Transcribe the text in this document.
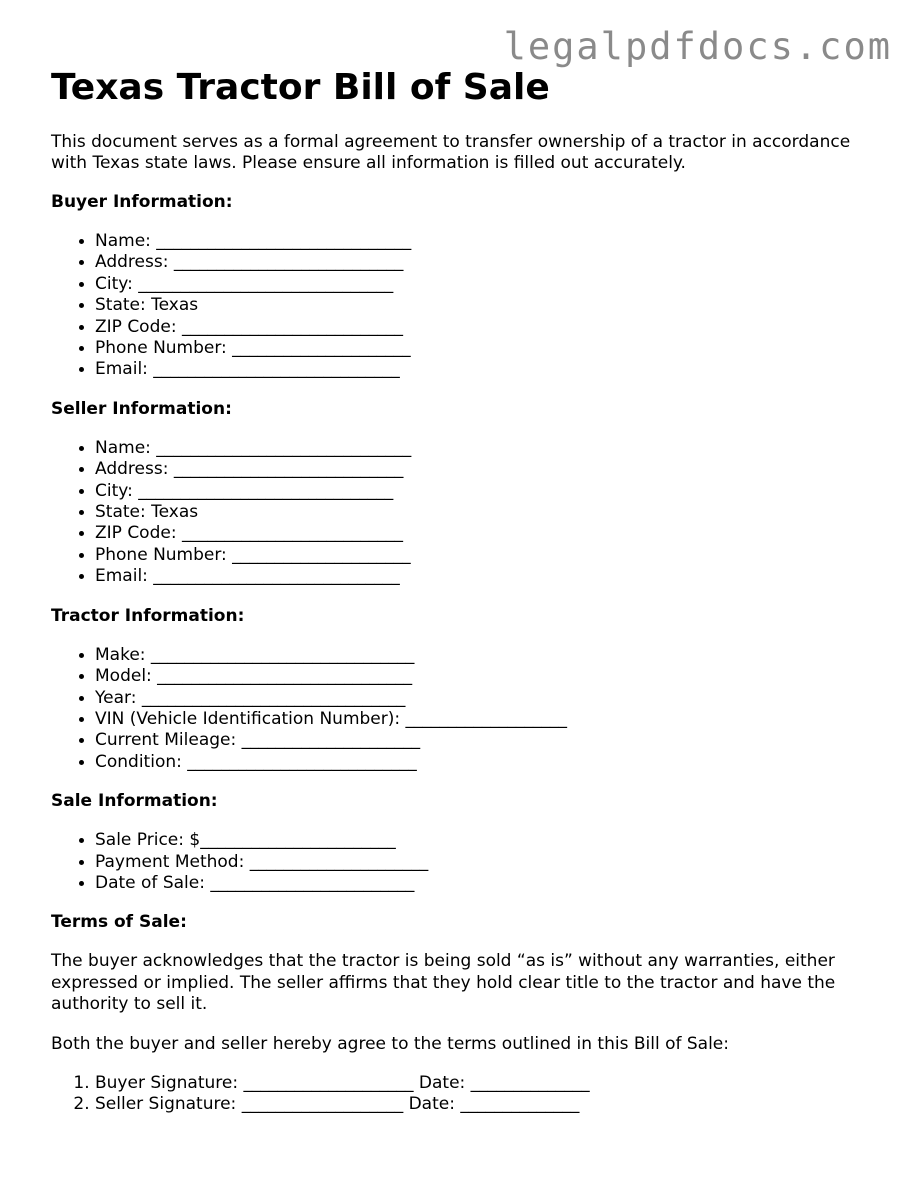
legalpdfdocs.com
Texas Tractor Bill of Sale

This document serves as a formal agreement to transfer ownership of a tractor in accordance with Texas state laws. Please ensure all information is filled out accurately.

Buyer Information:
• Name: ______________________________
• Address: ___________________________
• City: ______________________________
• State: Texas
• ZIP Code: __________________________
• Phone Number: _____________________
• Email: _____________________________
Seller Information:
• Name: ______________________________
• Address: ___________________________
• City: ______________________________
• State: Texas
• ZIP Code: __________________________
• Phone Number: _____________________
• Email: _____________________________
Tractor Information:
• Make: _______________________________
• Model: ______________________________
• Year: _______________________________
• VIN (Vehicle Identification Number): ___________________
• Current Mileage: _____________________
• Condition: ___________________________
Sale Information:
• Sale Price: $_______________________
• Payment Method: _____________________
• Date of Sale: ________________________
Terms of Sale:

The buyer acknowledges that the tractor is being sold “as is” without any warranties, either expressed or implied. The seller affirms that they hold clear title to the tractor and have the authority to sell it.

Both the buyer and seller hereby agree to the terms outlined in this Bill of Sale:

1. Buyer Signature: ____________________ Date: ______________
2. Seller Signature: ___________________ Date: ______________
